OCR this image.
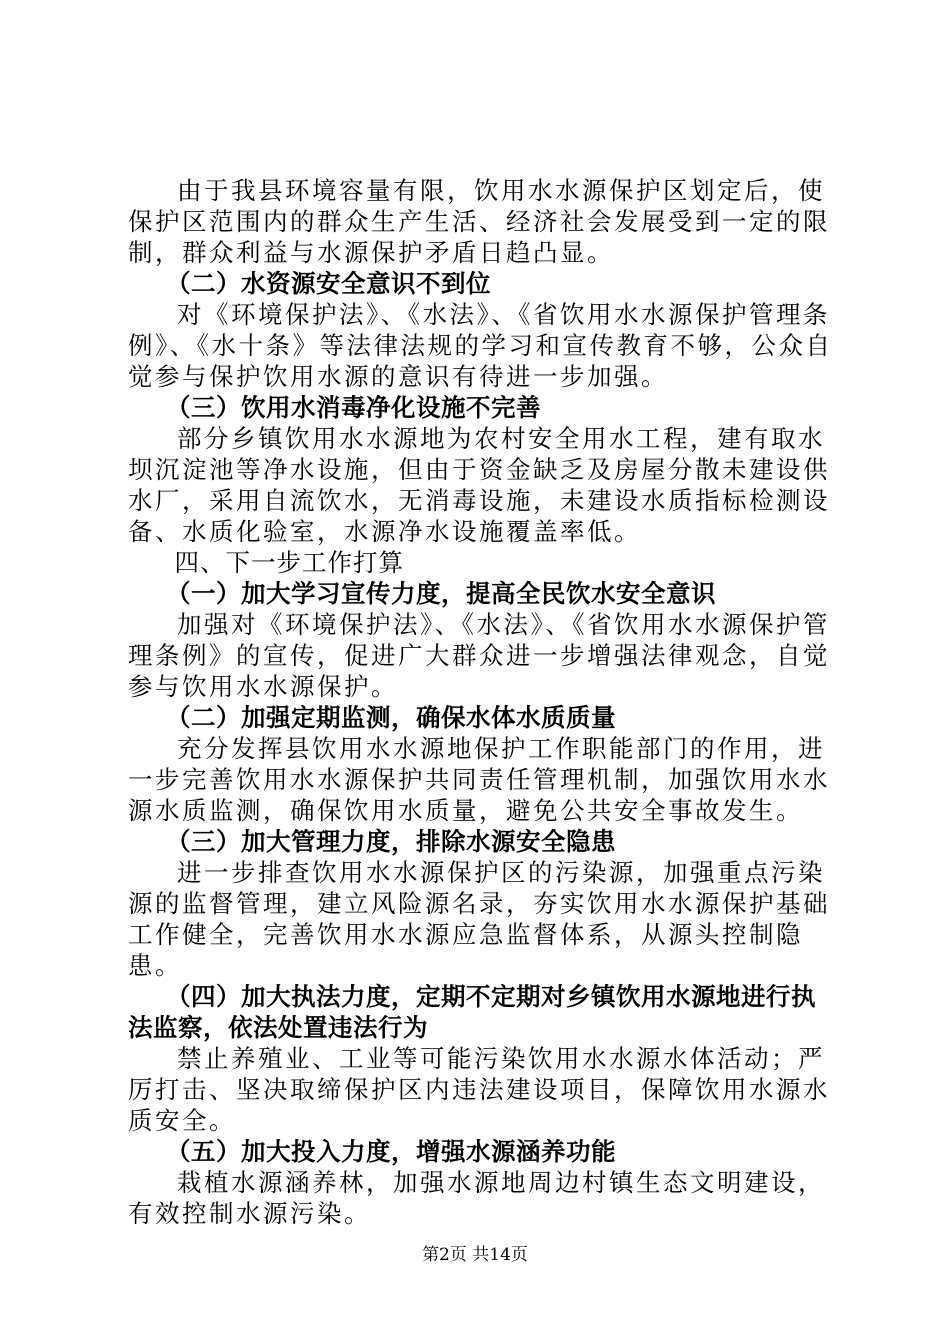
由于我县环境容量有限，饮用水水源保护区划定后，使保护区范围内的群众生产生活、经济社会发展受到一定的限制，群众利益与水源保护矛盾日趋凸显。

（二）水资源安全意识不到位

对《环境保护法》、《水法》、《省饮用水水源保护管理条例》、《水十条》等法律法规的学习和宣传教育不够，公众自觉参与保护饮用水源的意识有待进一步加强。

（三）饮用水消毒净化设施不完善

部分乡镇饮用水水源地为农村安全用水工程，建有取水坝沉淀池等净水设施，但由于资金缺乏及房屋分散未建设供水厂，采用自流饮水，无消毒设施，未建设水质指标检测设备、水质化验室，水源净水设施覆盖率低。

四、下一步工作打算

（一）加大学习宣传力度，提高全民饮水安全意识

加强对《环境保护法》、《水法》、《省饮用水水源保护管理条例》的宣传，促进广大群众进一步增强法律观念，自觉参与饮用水水源保护。

（二）加强定期监测，确保水体水质质量

充分发挥县饮用水水源地保护工作职能部门的作用，进一步完善饮用水水源保护共同责任管理机制，加强饮用水水源水质监测，确保饮用水质量，避免公共安全事故发生。

（三）加大管理力度，排除水源安全隐患

进一步排查饮用水水源保护区的污染源，加强重点污染源的监督管理，建立风险源名录，夯实饮用水水源保护基础工作健全，完善饮用水水源应急监督体系，从源头控制隐患。

（四）加大执法力度，定期不定期对乡镇饮用水源地进行执法监察，依法处置违法行为

禁止养殖业、工业等可能污染饮用水水源水体活动；严厉打击、坚决取缔保护区内违法建设项目，保障饮用水源水质安全。

（五）加大投入力度，增强水源涵养功能

栽植水源涵养林，加强水源地周边村镇生态文明建设，有效控制水源污染。

第2页 共14页
